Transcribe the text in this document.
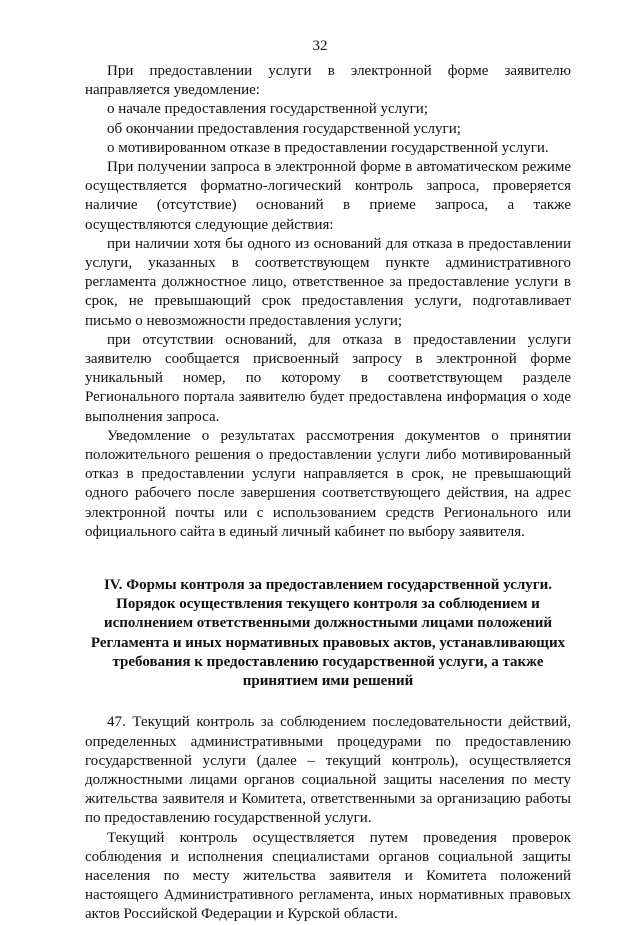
32

При предоставлении услуги в электронной форме заявителю направляется уведомление:

о начале предоставления государственной услуги;

об окончании предоставления государственной услуги;

о мотивированном отказе в предоставлении государственной услуги.

При получении запроса в электронной форме в автоматическом режиме осуществляется форматно-логический контроль запроса, проверяется наличие (отсутствие) оснований в приеме запроса, а также осуществляются следующие действия:

при наличии хотя бы одного из оснований для отказа в предоставлении услуги, указанных в соответствующем пункте административного регламента должностное лицо, ответственное за предоставление услуги в срок, не превышающий срок предоставления услуги, подготавливает письмо о невозможности предоставления услуги;

при отсутствии оснований, для отказа в предоставлении услуги заявителю сообщается присвоенный запросу в электронной форме уникальный номер, по которому в соответствующем разделе Регионального портала заявителю будет предоставлена информация о ходе выполнения запроса.

Уведомление о результатах рассмотрения документов о принятии положительного решения о предоставлении услуги либо мотивированный отказ в предоставлении услуги направляется в срок, не превышающий одного рабочего после завершения соответствующего действия, на адрес электронной почты или с использованием средств Регионального или официального сайта в единый личный кабинет по выбору заявителя.

IV. Формы контроля за предоставлением государственной услуги.

Порядок осуществления текущего контроля за соблюдением и исполнением ответственными должностными лицами положений Регламента и иных нормативных правовых актов, устанавливающих требования к предоставлению государственной услуги, а также принятием ими решений

47. Текущий контроль за соблюдением последовательности действий, определенных административными процедурами по предоставлению государственной услуги (далее – текущий контроль), осуществляется должностными лицами органов социальной защиты населения по месту жительства заявителя и Комитета, ответственными за организацию работы по предоставлению государственной услуги.

Текущий контроль осуществляется путем проведения проверок соблюдения и исполнения специалистами органов социальной защиты населения по месту жительства заявителя и Комитета положений настоящего Административного регламента, иных нормативных правовых актов Российской Федерации и Курской области.
